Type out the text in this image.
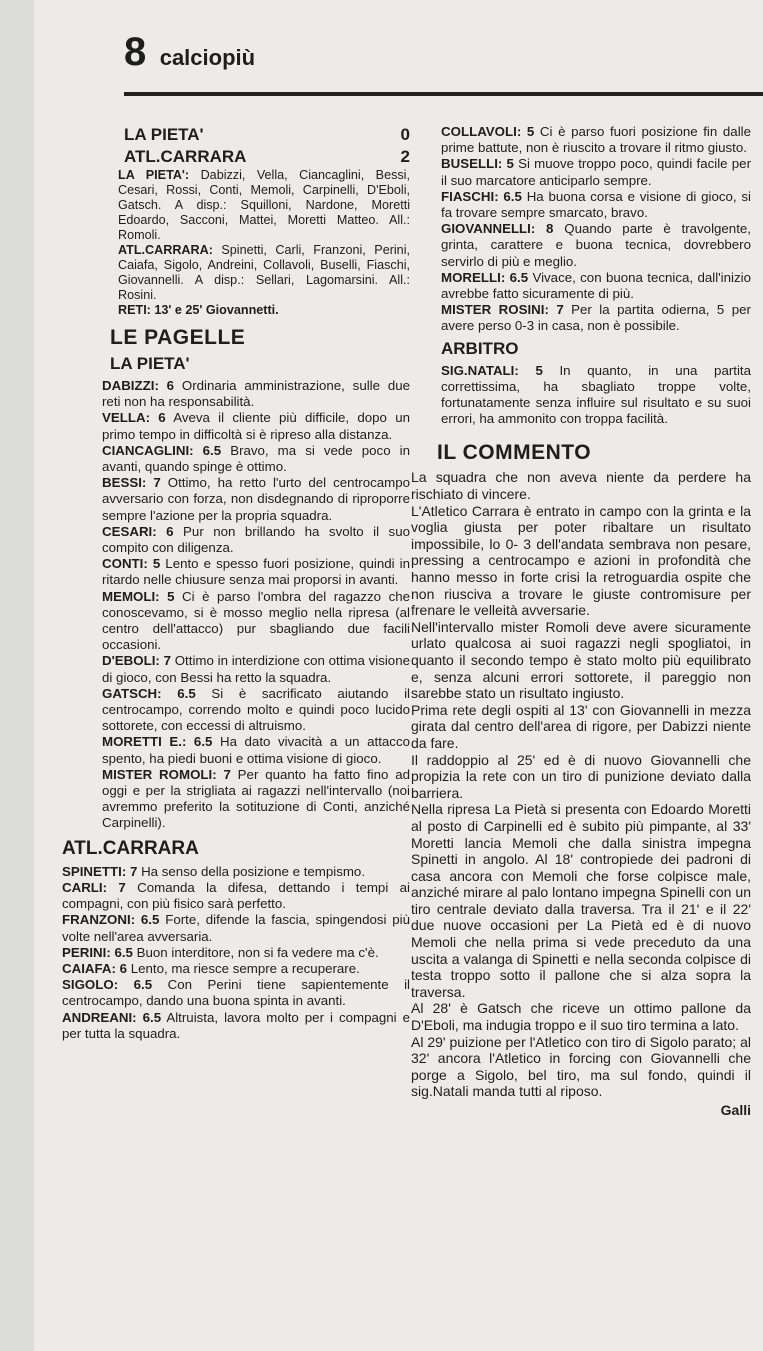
8 calciopiù
LA PIETA'	0
ATL.CARRARA	2

LA PIETA': Dabizzi, Vella, Ciancaglini, Bessi, Cesari, Rossi, Conti, Memoli, Carpinelli, D'Eboli, Gatsch. A disp.: Squilloni, Nardone, Moretti Edoardo, Sacconi, Mattei, Moretti Matteo. All.: Romoli.

ATL.CARRARA: Spinetti, Carli, Franzoni, Perini, Caiafa, Sigolo, Andreini, Collavoli, Buselli, Fiaschi, Giovannelli. A disp.: Sellari, Lagomarsini. All.: Rosini.

RETI: 13' e 25' Giovannetti.

LE PAGELLE
LA PIETA'

DABIZZI: 6 Ordinaria amministrazione, sulle due reti non ha responsabilità.

VELLA: 6 Aveva il cliente più difficile, dopo un primo tempo in difficoltà si è ripreso alla distanza.

CIANCAGLINI: 6.5 Bravo, ma si vede poco in avanti, quando spinge è ottimo.

BESSI: 7 Ottimo, ha retto l'urto del centrocampo avversario con forza, non disdegnando di riproporre sempre l'azione per la propria squadra.

CESARI: 6 Pur non brillando ha svolto il suo compito con diligenza.

CONTI: 5 Lento e spesso fuori posizione, quindi in ritardo nelle chiusure senza mai proporsi in avanti.

MEMOLI: 5 Ci è parso l'ombra del ragazzo che conoscevamo, si è mosso meglio nella ripresa (al centro dell'attacco) pur sbagliando due facili occasioni.

D'EBOLI: 7 Ottimo in interdizione con ottima visione di gioco, con Bessi ha retto la squadra.

GATSCH: 6.5 Si è sacrificato aiutando il centrocampo, correndo molto e quindi poco lucido sottorete, con eccessi di altruismo.

MORETTI E.: 6.5 Ha dato vivacità a un attacco spento, ha piedi buoni e ottima visione di gioco.

MISTER ROMOLI: 7 Per quanto ha fatto fino ad oggi e per la strigliata ai ragazzi nell'intervallo (noi avremmo preferito la sotituzione di Conti, anziché Carpinelli).

ATL.CARRARA

SPINETTI: 7 Ha senso della posizione e tempismo.

CARLI: 7 Comanda la difesa, dettando i tempi ai compagni, con più fisico sarà perfetto.

FRANZONI: 6.5 Forte, difende la fascia, spingendosi più volte nell'area avversaria.

PERINI: 6.5 Buon interditore, non si fa vedere ma c'è.

CAIAFA: 6 Lento, ma riesce sempre a recuperare.

SIGOLO: 6.5 Con Perini tiene sapientemente il centrocampo, dando una buona spinta in avanti.

ANDREANI: 6.5 Altruista, lavora molto per i compagni e per tutta la squadra.

COLLAVOLI: 5 Ci è parso fuori posizione fin dalle prime battute, non è riuscito a trovare il ritmo giusto.

BUSELLI: 5 Si muove troppo poco, quindi facile per il suo marcatore anticiparlo sempre.

FIASCHI: 6.5 Ha buona corsa e visione di gioco, si fa trovare sempre smarcato, bravo.

GIOVANNELLI: 8 Quando parte è travolgente, grinta, carattere e buona tecnica, dovrebbero servirlo di più e meglio.

MORELLI: 6.5 Vivace, con buona tecnica, dall'inizio avrebbe fatto sicuramente di più.

MISTER ROSINI: 7 Per la partita odierna, 5 per avere perso 0-3 in casa, non è possibile.

ARBITRO

SIG.NATALI: 5 In quanto, in una partita correttissima, ha sbagliato troppe volte, fortunatamente senza influire sul risultato e su suoi errori, ha ammonito con troppa facilità.

IL COMMENTO

La squadra che non aveva niente da perdere ha rischiato di vincere.

L'Atletico Carrara è entrato in campo con la grinta e la voglia giusta per poter ribaltare un risultato impossibile, lo 0- 3 dell'andata sembrava non pesare, pressing a centrocampo e azioni in profondità che hanno messo in forte crisi la retroguardia ospite che non riusciva a trovare le giuste contromisure per frenare le velleità avversarie.

Nell'intervallo mister Romoli deve avere sicuramente urlato qualcosa ai suoi ragazzi negli spogliatoi, in quanto il secondo tempo è stato molto più equilibrato e, senza alcuni errori sottorete, il pareggio non sarebbe stato un risultato ingiusto.

Prima rete degli ospiti al 13' con Giovannelli in mezza girata dal centro dell'area di rigore, per Dabizzi niente da fare.

Il raddoppio al 25' ed è di nuovo Giovannelli che propizia la rete con un tiro di punizione deviato dalla barriera.

Nella ripresa La Pietà si presenta con Edoardo Moretti al posto di Carpinelli ed è subito più pimpante, al 33' Moretti lancia Memoli che dalla sinistra impegna Spinetti in angolo. Al 18' contropiede dei padroni di casa ancora con Memoli che forse colpisce male, anziché mirare al palo lontano impegna Spinelli con un tiro centrale deviato dalla traversa. Tra il 21' e il 22' due nuove occasioni per La Pietà ed è di nuovo Memoli che nella prima si vede preceduto da una uscita a valanga di Spinetti e nella seconda colpisce di testa troppo sotto il pallone che si alza sopra la traversa.

Al 28' è Gatsch che riceve un ottimo pallone da D'Eboli, ma indugia troppo e il suo tiro termina a lato.

Al 29' puizione per l'Atletico con tiro di Sigolo parato; al 32' ancora l'Atletico in forcing con Giovannelli che porge a Sigolo, bel tiro, ma sul fondo, quindi il sig.Natali manda tutti al riposo.

Galli
